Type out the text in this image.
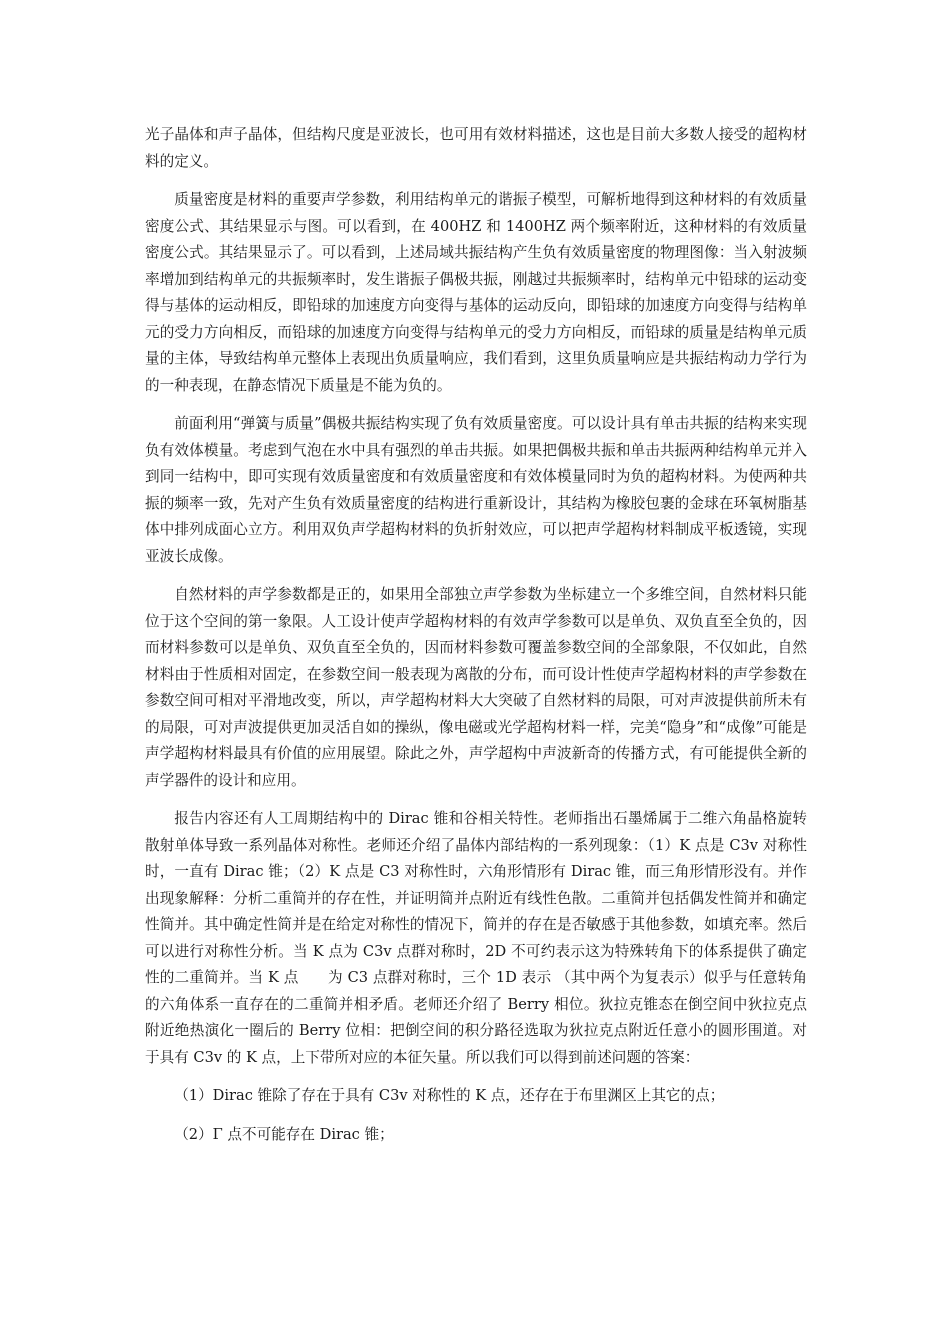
光子晶体和声子晶体，但结构尺度是亚波长，也可用有效材料描述，这也是目前大多数人接受的超构材料的定义。

质量密度是材料的重要声学参数，利用结构单元的谐振子模型，可解析地得到这种材料的有效质量密度公式、其结果显示与图。可以看到，在 400HZ 和 1400HZ 两个频率附近，这种材料的有效质量密度公式。其结果显示了。可以看到，上述局域共振结构产生负有效质量密度的物理图像：当入射波频率增加到结构单元的共振频率时，发生谐振子偶极共振，刚越过共振频率时，结构单元中铅球的运动变得与基体的运动相反，即铅球的加速度方向变得与基体的运动反向，即铅球的加速度方向变得与结构单元的受力方向相反，而铅球的加速度方向变得与结构单元的受力方向相反，而铅球的质量是结构单元质量的主体，导致结构单元整体上表现出负质量响应，我们看到，这里负质量响应是共振结构动力学行为的一种表现，在静态情况下质量是不能为负的。

前面利用“弹簧与质量”偶极共振结构实现了负有效质量密度。可以设计具有单击共振的结构来实现负有效体模量。考虑到气泡在水中具有强烈的单击共振。如果把偶极共振和单击共振两种结构单元并入到同一结构中，即可实现有效质量密度和有效质量密度和有效体模量同时为负的超构材料。为使两种共振的频率一致，先对产生负有效质量密度的结构进行重新设计，其结构为橡胶包裹的金球在环氧树脂基体中排列成面心立方。利用双负声学超构材料的负折射效应，可以把声学超构材料制成平板透镜，实现亚波长成像。

自然材料的声学参数都是正的，如果用全部独立声学参数为坐标建立一个多维空间，自然材料只能位于这个空间的第一象限。人工设计使声学超构材料的有效声学参数可以是单负、双负直至全负的，因而材料参数可以是单负、双负直至全负的，因而材料参数可覆盖参数空间的全部象限，不仅如此，自然材料由于性质相对固定，在参数空间一般表现为离散的分布，而可设计性使声学超构材料的声学参数在参数空间可相对平滑地改变，所以，声学超构材料大大突破了自然材料的局限，可对声波提供前所未有的局限，可对声波提供更加灵活自如的操纵，像电磁或光学超构材料一样，完美“隐身”和“成像”可能是声学超构材料最具有价值的应用展望。除此之外，声学超构中声波新奇的传播方式，有可能提供全新的声学器件的设计和应用。

报告内容还有人工周期结构中的 Dirac 锥和谷相关特性。老师指出石墨烯属于二维六角晶格旋转散射单体导致一系列晶体对称性。老师还介绍了晶体内部结构的一系列现象：（1）K 点是 C3v 对称性时，一直有 Dirac 锥；（2）K 点是 C3 对称性时，六角形情形有 Dirac 锥，而三角形情形没有。并作出现象解释：分析二重简并的存在性，并证明简并点附近有线性色散。二重简并包括偶发性简并和确定性简并。其中确定性简并是在给定对称性的情况下，简并的存在是否敏感于其他参数，如填充率。然后可以进行对称性分析。当 K 点为 C3v 点群对称时，2D 不可约表示这为特殊转角下的体系提供了确定性的二重简并。当 K 点　　为 C3 点群对称时，三个 1D 表示 （其中两个为复表示）似乎与任意转角的六角体系一直存在的二重简并相矛盾。老师还介绍了 Berry 相位。狄拉克锥态在倒空间中狄拉克点附近绝热演化一圈后的 Berry 位相：把倒空间的积分路径选取为狄拉克点附近任意小的圆形围道。对于具有 C3v 的 K 点，上下带所对应的本征矢量。所以我们可以得到前述问题的答案：

（1）Dirac 锥除了存在于具有 C3v 对称性的 K 点，还存在于布里渊区上其它的点；

（2）Γ 点不可能存在 Dirac 锥；
